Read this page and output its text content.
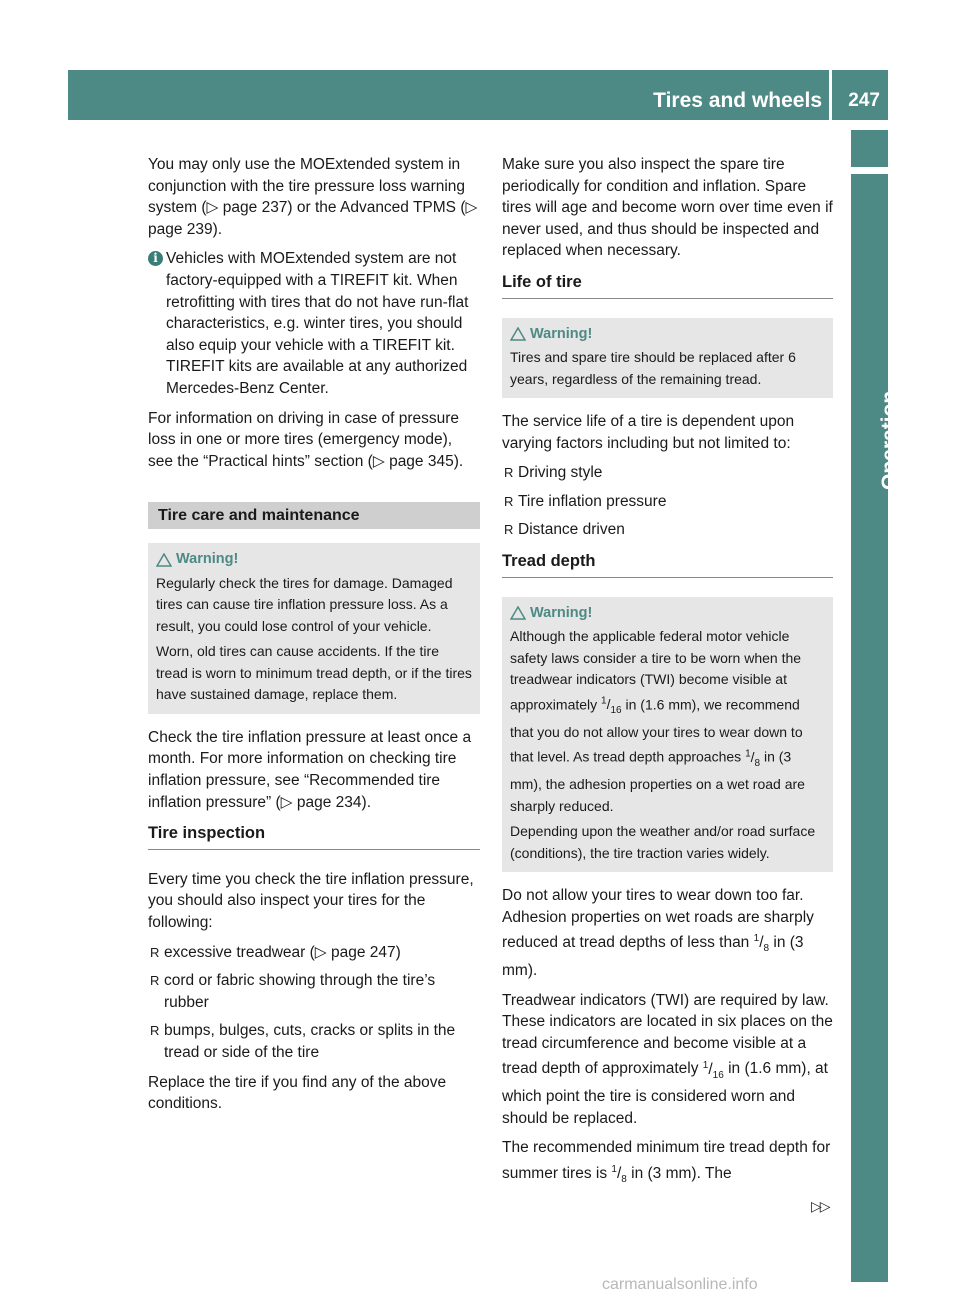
Tires and wheels 247
Operation

You may only use the MOExtended system in conjunction with the tire pressure loss warning system (▷ page 237) or the Advanced TPMS (▷ page 239).

i Vehicles with MOExtended system are not factory-equipped with a TIREFIT kit. When retrofitting with tires that do not have run-flat characteristics, e.g. winter tires, you should also equip your vehicle with a TIREFIT kit. TIREFIT kits are available at any authorized Mercedes-Benz Center.

For information on driving in case of pressure loss in one or more tires (emergency mode), see the “Practical hints” section (▷ page 345).

Tire care and maintenance
Warning!

Regularly check the tires for damage. Damaged tires can cause tire inflation pressure loss. As a result, you could lose control of your vehicle.

Worn, old tires can cause accidents. If the tire tread is worn to minimum tread depth, or if the tires have sustained damage, replace them.

Check the tire inflation pressure at least once a month. For more information on checking tire inflation pressure, see “Recommended tire inflation pressure” (▷ page 234).

Tire inspection

Every time you check the tire inflation pressure, you should also inspect your tires for the following:

R excessive treadwear (▷ page 247)
R cord or fabric showing through the tire’s rubber
R bumps, bulges, cuts, cracks or splits in the tread or side of the tire

Replace the tire if you find any of the above conditions.

Make sure you also inspect the spare tire periodically for condition and inflation. Spare tires will age and become worn over time even if never used, and thus should be inspected and replaced when necessary.

Life of tire
Warning!

Tires and spare tire should be replaced after 6 years, regardless of the remaining tread.

The service life of a tire is dependent upon varying factors including but not limited to:

R Driving style
R Tire inflation pressure
R Distance driven
Tread depth
Warning!

Although the applicable federal motor vehicle safety laws consider a tire to be worn when the treadwear indicators (TWI) become visible at approximately $^1/_{16}$ in (1.6 mm), we recommend that you do not allow your tires to wear down to that level. As tread depth approaches $^1/_8$ in (3 mm), the adhesion properties on a wet road are sharply reduced.

Depending upon the weather and/or road surface (conditions), the tire traction varies widely.

Do not allow your tires to wear down too far. Adhesion properties on wet roads are sharply reduced at tread depths of less than $^1/_8$ in (3 mm).

Treadwear indicators (TWI) are required by law. These indicators are located in six places on the tread circumference and become visible at a tread depth of approximately $^1/_{16}$ in (1.6 mm), at which point the tire is considered worn and should be replaced.

The recommended minimum tire tread depth for summer tires is $^1/_8$ in (3 mm). The

▷▷
carmanualsonline.info
